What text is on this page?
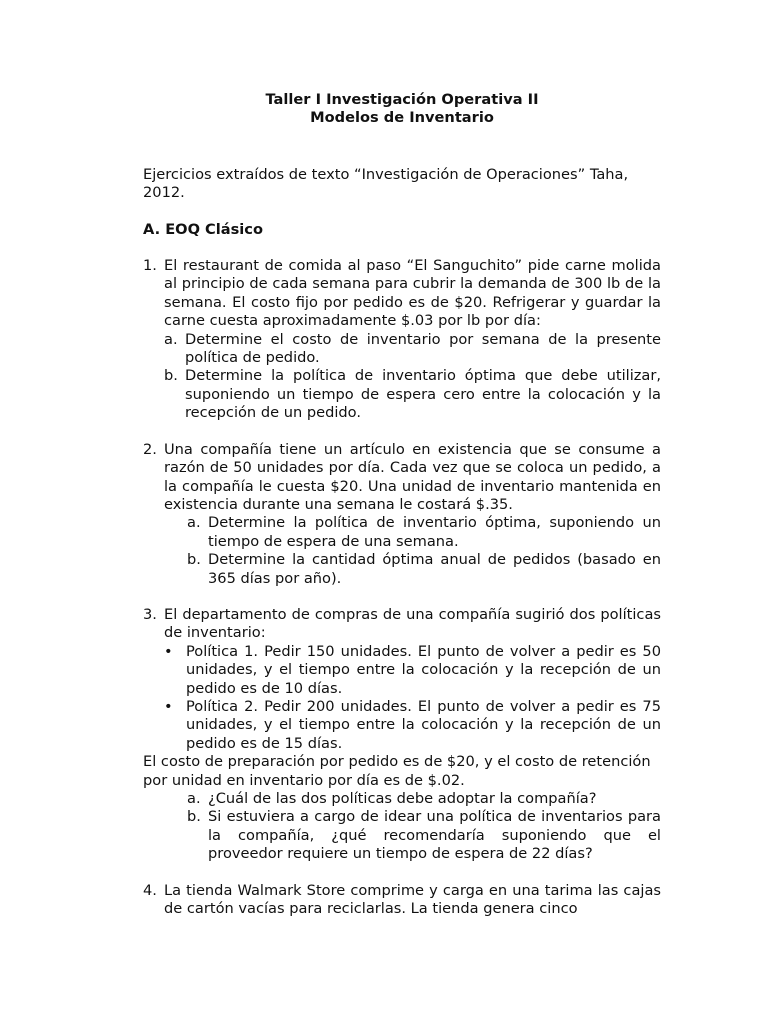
Taller I Investigación Operativa II
Modelos de Inventario
Ejercicios extraídos de texto “Investigación de Operaciones” Taha, 2012.
A. EOQ Clásico
1. El restaurant de comida al paso “El Sanguchito” pide carne molida al principio de cada semana para cubrir la demanda de 300 lb de la semana. El costo fijo por pedido es de $20. Refrigerar y guardar la carne cuesta aproximadamente $.03 por lb por día:
a. Determine el costo de inventario por semana de la presente política de pedido.
b. Determine la política de inventario óptima que debe utilizar, suponiendo un tiempo de espera cero entre la colocación y la recepción de un pedido.
2. Una compañía tiene un artículo en existencia que se consume a razón de 50 unidades por día. Cada vez que se coloca un pedido, a la compañía le cuesta $20. Una unidad de inventario mantenida en existencia durante una semana le costará $.35.
a. Determine la política de inventario óptima, suponiendo un tiempo de espera de una semana.
b. Determine la cantidad óptima anual de pedidos (basado en 365 días por año).
3. El departamento de compras de una compañía sugirió dos políticas de inventario:
• Política 1. Pedir 150 unidades. El punto de volver a pedir es 50 unidades, y el tiempo entre la colocación y la recepción de un pedido es de 10 días.
• Política 2. Pedir 200 unidades. El punto de volver a pedir es 75 unidades, y el tiempo entre la colocación y la recepción de un pedido es de 15 días.
El costo de preparación por pedido es de $20, y el costo de retención por unidad en inventario por día es de $.02.
a. ¿Cuál de las dos políticas debe adoptar la compañía?
b. Si estuviera a cargo de idear una política de inventarios para la compañía, ¿qué recomendaría suponiendo que el proveedor requiere un tiempo de espera de 22 días?
4. La tienda Walmark Store comprime y carga en una tarima las cajas de cartón vacías para reciclarlas. La tienda genera cinco
